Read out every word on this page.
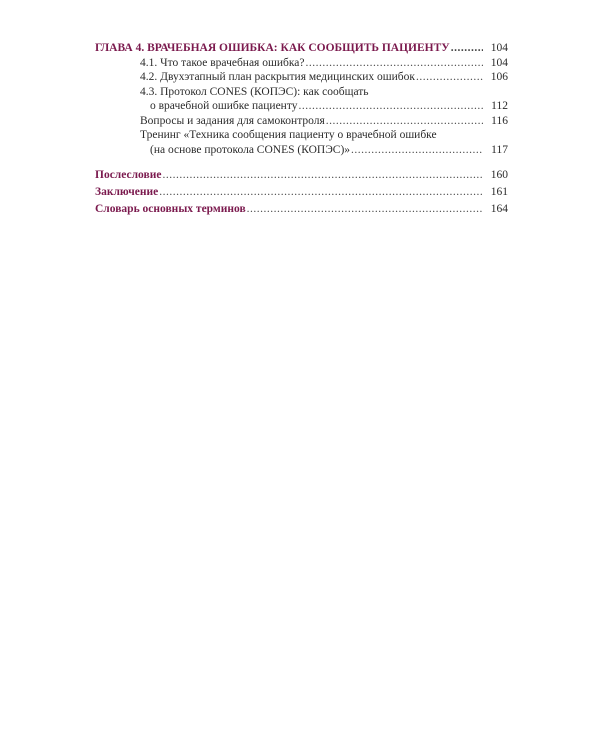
ГЛАВА 4. ВРАЧЕБНАЯ ОШИБКА: КАК СООБЩИТЬ ПАЦИЕНТУ .....	104
4.1. Что такое врачебная ошибка? .....	104
4.2. Двухэтапный план раскрытия медицинских ошибок .....	106
4.3. Протокол CONES (КОПЭС): как сообщать
о врачебной ошибке пациенту .....	112
Вопросы и задания для самоконтроля .....	116
Тренинг «Техника сообщения пациенту о врачебной ошибке
(на основе протокола CONES (КОПЭС)» .....	117
Послесловие .....	160
Заключение .....	161
Словарь основных терминов .....	164
